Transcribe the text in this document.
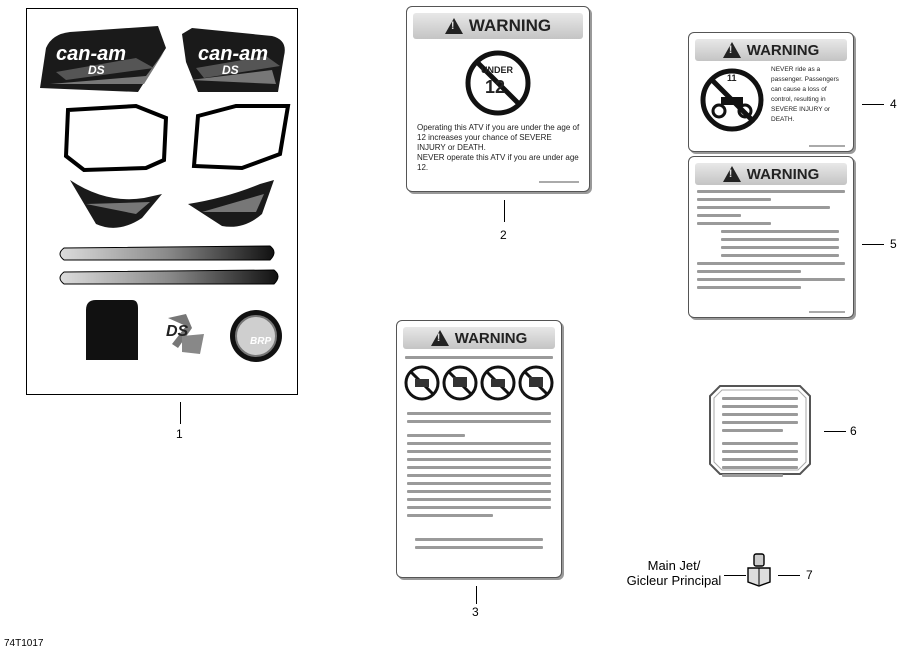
can-am
DS
can-am
DS
DS
BRP
1
!
WARNING
UNDER
12
Operating this ATV if you are under the age of 12 increases your chance of SEVERE INJURY or DEATH.
NEVER operate this ATV if you are under age 12.
2
!
WARNING
3
!
WARNING
11
NEVER ride as a passenger. Passengers can cause a loss of control, resulting in SEVERE INJURY or DEATH.
4
!
WARNING
5
6
Main Jet/
Gicleur Principal	7
74T1017
